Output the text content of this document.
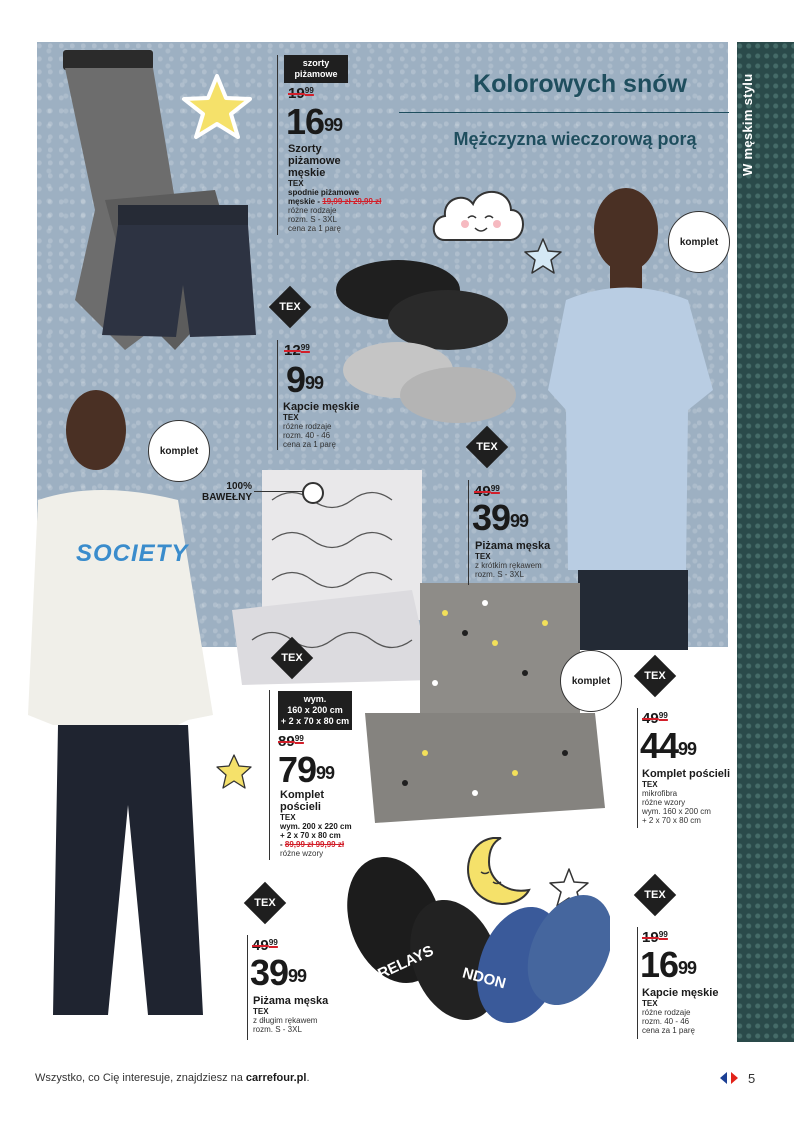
W męskim stylu
Kolorowych snów
Mężczyzna wieczorową porą
SOCIETY
RELAYS NDON
szorty
piżamowe
$19^{99}$
$16^{99}$
Szorty
piżamowe
męskie
TEX
spodnie piżamowe
męskie - 19,99 zł 29,99 zł
różne rodzaje
rozm. S - 3XL
cena za 1 parę
TEX
$12^{99}$
$9^{99}$
Kapcie męskie
TEX
różne rodzaje
rozm. 40 - 46
cena za 1 parę
komplet
TEX
$49^{99}$
$39^{99}$
Piżama męska
TEX
z krótkim rękawem
rozm. S - 3XL
komplet
100%
BAWEŁNY
TEX
wym.
160 x 200 cm
+ 2 x 70 x 80 cm
$89^{99}$
$79^{99}$
Komplet
pościeli
TEX
wym. 200 x 220 cm
+ 2 x 70 x 80 cm
- 89,99 zł 99,99 zł
różne wzory
komplet	TEX
$49^{99}$
$44^{99}$
Komplet pościeli
TEX
mikrofibra
różne wzory
wym. 160 x 200 cm
+ 2 x 70 x 80 cm
TEX
$49^{99}$
$39^{99}$
Piżama męska
TEX
z długim rękawem
rozm. S - 3XL
TEX
$19^{99}$
$16^{99}$
Kapcie męskie
TEX
różne rodzaje
rozm. 40 - 46
cena za 1 parę
Wszystko, co Cię interesuje, znajdziesz na carrefour.pl.	5
